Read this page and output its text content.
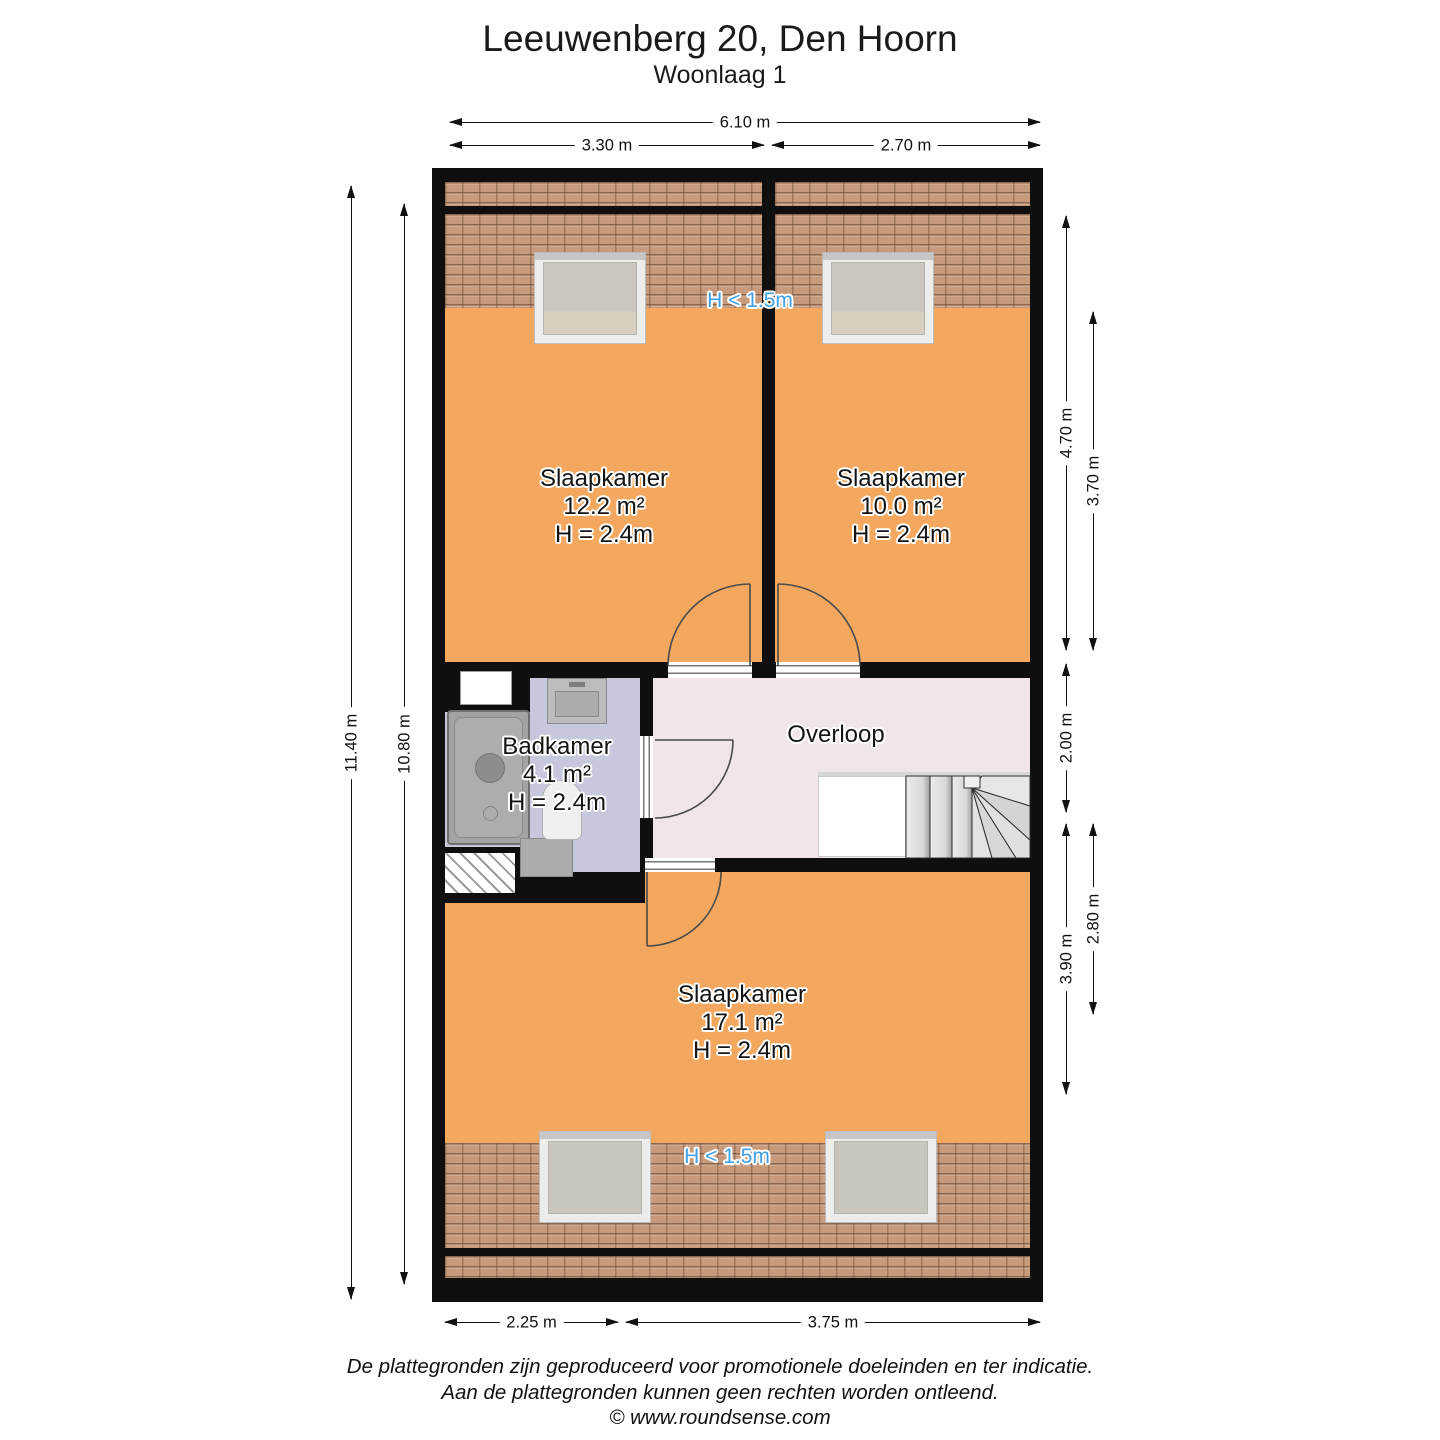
Leeuwenberg 20, Den Hoorn
Woonlaag 1
6.10 m
3.30 m	2.70 m
11.40 m 10.80 m
4.70 m
3.70 m
2.00 m
3.90 m
2.80 m
2.25 m	3.75 m
Slaapkamer
12.2 m²
H = 2.4m
Slaapkamer
10.0 m²
H = 2.4m
Badkamer
4.1 m²
H = 2.4m
Overloop
Slaapkamer
17.1 m²
H = 2.4m
H < 1.5m
H < 1.5m
De plattegronden zijn geproduceerd voor promotionele doeleinden en ter indicatie.
Aan de plattegronden kunnen geen rechten worden ontleend.
© www.roundsense.com
